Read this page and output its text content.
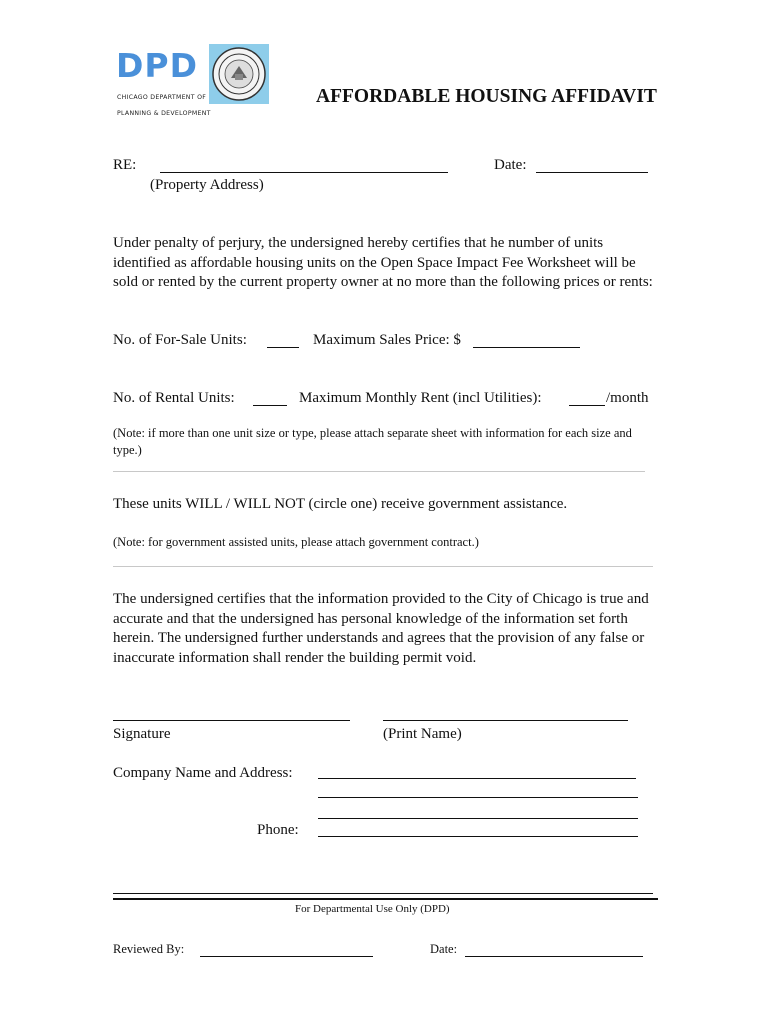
DPD

CHICAGO DEPARTMENT OF

PLANNING & DEVELOPMENT

AFFORDABLE HOUSING AFFIDAVIT
RE:
(Property Address)
Date:

Under penalty of perjury, the undersigned hereby certifies that he number of units identified as affordable housing units on the Open Space Impact Fee Worksheet will be sold or rented by the current property owner at no more than the following prices or rents:

No. of For-Sale Units:	Maximum Sales Price: $
No. of Rental Units:	Maximum Monthly Rent (incl Utilities):	/month

(Note: if more than one unit size or type, please attach separate sheet with information for each size and type.)

These units WILL / WILL NOT (circle one) receive government assistance.
(Note: for government assisted units, please attach government contract.)

The undersigned certifies that the information provided to the City of Chicago is true and accurate and that the undersigned has personal knowledge of the information set forth herein. The undersigned further understands and agrees that the provision of any false or inaccurate information shall render the building permit void.

Signature	(Print Name)
Company Name and Address:
Phone:
For Departmental Use Only (DPD)
Reviewed By:	Date:
